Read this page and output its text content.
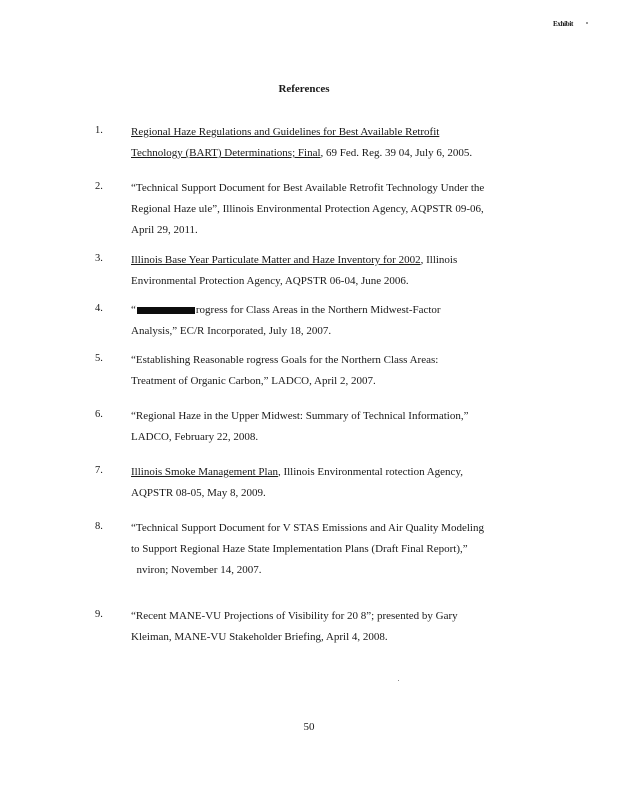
Exhibit
References
1.	Regional Haze Regulations and Guidelines for Best Available Retrofit
Technology (BART) Determinations; Final, 69 Fed. Reg. 39 04, July 6, 2005.
2.	“Technical Support Document for Best Available Retrofit Technology Under the
Regional Haze ule”, Illinois Environmental Protection Agency, AQPSTR 09-06,
April 29, 2011.
3.	Illinois Base Year Particulate Matter and Haze Inventory for 2002, Illinois
Environmental Protection Agency, AQPSTR 06-04, June 2006.
4.	“	rogress for Class Areas in the Northern Midwest-Factor
Analysis,” EC/R Incorporated, July 18, 2007.
5.	“Establishing Reasonable rogress Goals for the Northern Class Areas:
Treatment of Organic Carbon,” LADCO, April 2, 2007.
6.	“Regional Haze in the Upper Midwest: Summary of Technical Information,”
LADCO, February 22, 2008.
7.	Illinois Smoke Management Plan, Illinois Environmental rotection Agency,
AQPSTR 08-05, May 8, 2009.
8.	“Technical Support Document for V STAS Emissions and Air Quality Modeling
to Support Regional Haze State Implementation Plans (Draft Final Report),”
nviron; November 14, 2007.
9.	“Recent MANE-VU Projections of Visibility for 20 8”; presented by Gary
Kleiman, MANE-VU Stakeholder Briefing, April 4, 2008.
50
